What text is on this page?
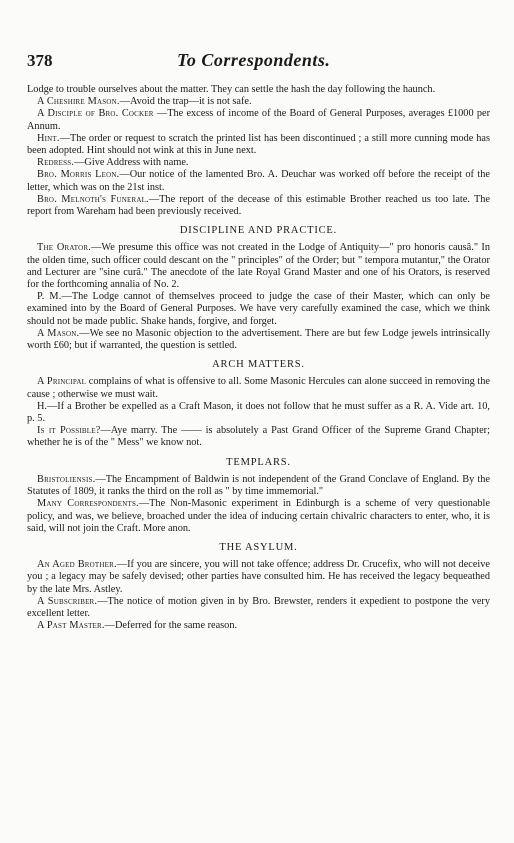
378	To Correspondents.

Lodge to trouble ourselves about the matter. They can settle the hash the day following the haunch.

A Cheshire Mason.—Avoid the trap—it is not safe.

A Disciple of Bro. Cocker —The excess of income of the Board of General Purposes, averages £1000 per Annum.

Hint.—The order or request to scratch the printed list has been discontinued ; a still more cunning mode has been adopted. Hint should not wink at this in June next.

Redress.—Give Address with name.

Bro. Morris Leon.—Our notice of the lamented Bro. A. Deuchar was worked off before the receipt of the letter, which was on the 21st inst.

Bro. Melnoth's Funeral.—The report of the decease of this estimable Brother reached us too late. The report from Wareham had been previously received.

DISCIPLINE AND PRACTICE.

The Orator.—We presume this office was not created in the Lodge of Antiquity—" pro honoris causâ." In the olden time, such officer could descant on the " principles" of the Order; but " tempora mutantur," the Orator and Lecturer are "sine curâ." The anecdote of the late Royal Grand Master and one of his Orators, is reserved for the forthcoming annalia of No. 2.

P. M.—The Lodge cannot of themselves proceed to judge the case of their Master, which can only be examined into by the Board of General Purposes. We have very carefully examined the case, which we think should not be made public. Shake hands, forgive, and forget.

A Mason.—We see no Masonic objection to the advertisement. There are but few Lodge jewels intrinsically worth £60; but if warranted, the question is settled.

ARCH MATTERS.

A Principal complains of what is offensive to all. Some Masonic Hercules can alone succeed in removing the cause ; otherwise we must wait.

H.—If a Brother be expelled as a Craft Mason, it does not follow that he must suffer as a R. A. Vide art. 10, p. 5.

Is it Possible?—Aye marry. The —— is absolutely a Past Grand Officer of the Supreme Grand Chapter; whether he is of the " Mess" we know not.

TEMPLARS.

Bristoliensis.—The Encampment of Baldwin is not independent of the Grand Conclave of England. By the Statutes of 1809, it ranks the third on the roll as " by time immemorial."

Many Correspondents.—The Non-Masonic experiment in Edinburgh is a scheme of very questionable policy, and was, we believe, broached under the idea of inducing certain chivalric characters to enter, who, it is said, will not join the Craft. More anon.

THE ASYLUM.

An Aged Brother.—If you are sincere, you will not take offence; address Dr. Crucefix, who will not deceive you ; a legacy may be safely devised; other parties have consulted him. He has received the legacy bequeathed by the late Mrs. Astley.

A Subscriber.—The notice of motion given in by Bro. Brewster, renders it expedient to postpone the very excellent letter.

A Past Master.—Deferred for the same reason.
